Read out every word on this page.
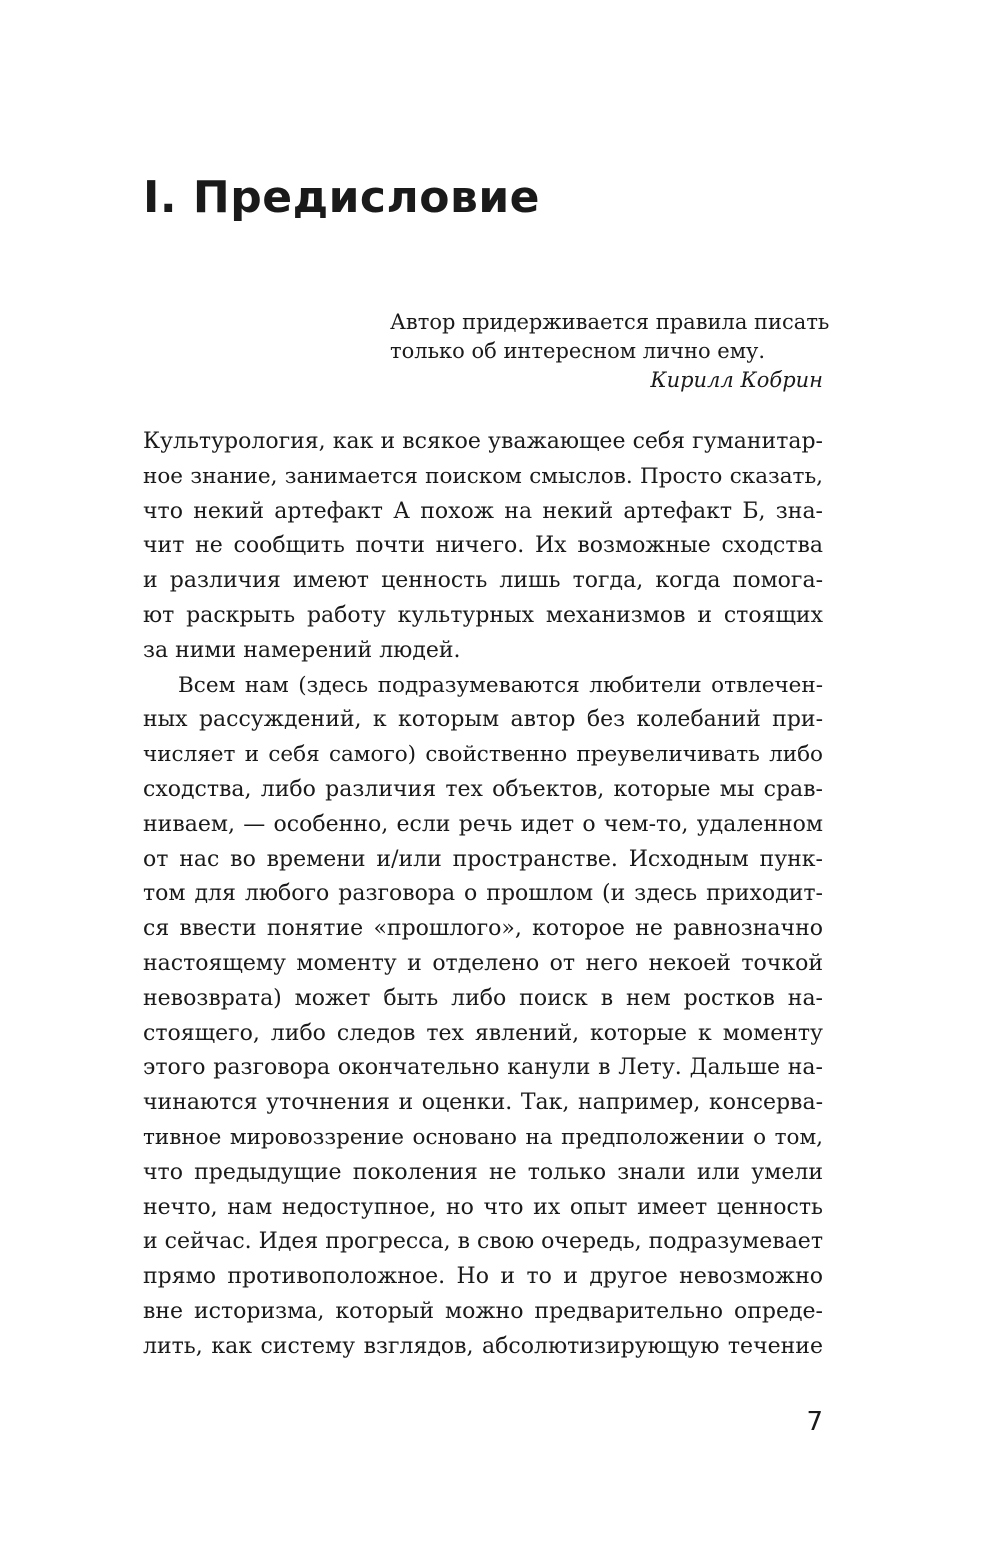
I. Предисловие
Автор придерживается правила писать
только об интересном лично ему.
Кирилл Кобрин
Культурология, как и всякое уважающее себя гуманитар-
ное знание, занимается поиском смыслов. Просто сказать,
что некий артефакт А похож на некий артефакт Б, зна-
чит не сообщить почти ничего. Их возможные сходства
и различия имеют ценность лишь тогда, когда помога-
ют раскрыть работу культурных механизмов и стоящих
за ними намерений людей.
Всем нам (здесь подразумеваются любители отвлечен-
ных рассуждений, к которым автор без колебаний при-
числяет и себя самого) свойственно преувеличивать либо
сходства, либо различия тех объектов, которые мы срав-
ниваем, — особенно, если речь идет о чем-то, удаленном
от нас во времени и/или пространстве. Исходным пунк-
том для любого разговора о прошлом (и здесь приходит-
ся ввести понятие «прошлого», которое не равнозначно
настоящему моменту и отделено от него некоей точкой
невозврата) может быть либо поиск в нем ростков на-
стоящего, либо следов тех явлений, которые к моменту
этого разговора окончательно канули в Лету. Дальше на-
чинаются уточнения и оценки. Так, например, консерва-
тивное мировоззрение основано на предположении о том,
что предыдущие поколения не только знали или умели
нечто, нам недоступное, но что их опыт имеет ценность
и сейчас. Идея прогресса, в свою очередь, подразумевает
прямо противоположное. Но и то и другое невозможно
вне историзма, который можно предварительно опреде-
лить, как систему взглядов, абсолютизирующую течение
7
